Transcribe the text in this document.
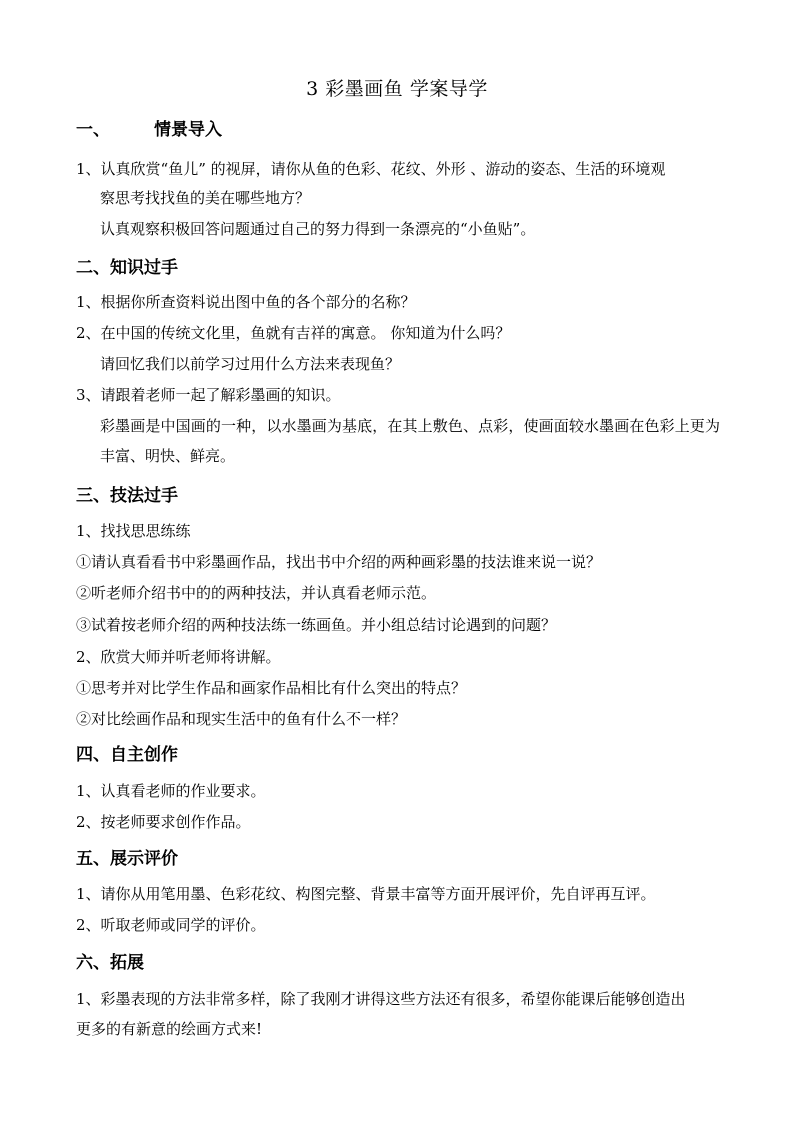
3 彩墨画鱼 学案导学
一、	情景导入
1、认真欣赏“鱼儿” 的视屏，请你从鱼的色彩、花纹、外形 、游动的姿态、生活的环境观
察思考找找鱼的美在哪些地方？
认真观察积极回答问题通过自己的努力得到一条漂亮的“小鱼贴”。
二、知识过手
1、根据你所查资料说出图中鱼的各个部分的名称？
2、在中国的传统文化里，鱼就有吉祥的寓意。 你知道为什么吗？
请回忆我们以前学习过用什么方法来表现鱼？
3、请跟着老师一起了解彩墨画的知识。
彩墨画是中国画的一种，以水墨画为基底，在其上敷色、点彩，使画面较水墨画在色彩上更为丰富、明快、鲜亮。
三、技法过手
1、找找思思练练
①请认真看看书中彩墨画作品，找出书中介绍的两种画彩墨的技法谁来说一说？
②听老师介绍书中的的两种技法，并认真看老师示范。
③试着按老师介绍的两种技法练一练画鱼。并小组总结讨论遇到的问题？
2、欣赏大师并听老师将讲解。
①思考并对比学生作品和画家作品相比有什么突出的特点？
②对比绘画作品和现实生活中的鱼有什么不一样？
四、自主创作
1、认真看老师的作业要求。
2、按老师要求创作作品。
五、展示评价
1、请你从用笔用墨、色彩花纹、构图完整、背景丰富等方面开展评价，先自评再互评。
2、听取老师或同学的评价。
六、拓展
1、彩墨表现的方法非常多样，除了我刚才讲得这些方法还有很多，希望你能课后能够创造出
更多的有新意的绘画方式来!
